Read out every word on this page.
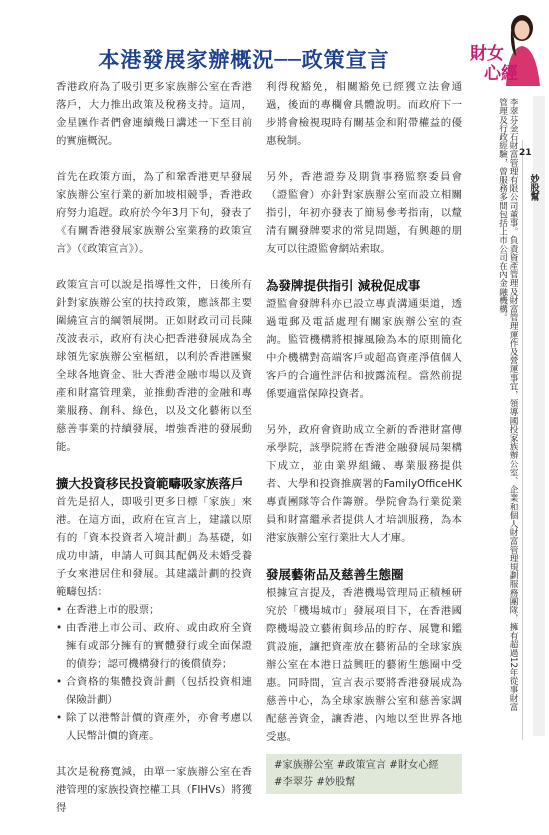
本港發展家辦概況──政策宣言

香港政府為了吸引更多家族辦公室在香港落戶，大力推出政策及稅務支持。這周，金星匯作者們會連續幾日講述一下至目前的實施概況。

首先在政策方面，為了和鞏香港更早發展家族辦公室行業的新加坡相競爭，香港政府努力追趕。政府於今年3月下旬，發表了《有關香港發展家族辦公室業務的政策宣言》（《政策宣言》）。

政策宣言可以說是指導性文件，日後所有針對家族辦公室的扶持政策，應該都主要圍繞宣言的綱領展開。正如財政司司長陳茂波表示，政府有決心把香港發展成為全球領先家族辦公室樞紐，以利於香港匯聚全球各地資金、壯大香港金融市場以及資產和財富管理業，並推動香港的金融和專業服務、創科、綠色，以及文化藝術以至慈善事業的持續發展，增強香港的發展動能。

擴大投資移民投資範疇吸家族落戶

首先是招人，即吸引更多日標「家族」來港。在這方面，政府在宣言上，建議以原有的「資本投資者入境計劃」為基礎，如成功申請，申請人可與其配偶及未婚受養子女來港居住和發展。其建議計劃的投資範疇包括：

• 在香港上市的股票；
• 由香港上市公司、政府、或由政府全資擁有或部分擁有的實體發行或全面保證的債券；認可機構發行的後償債券；
• 合資格的集體投資計劃（包括投資相連保險計劃）
• 除了以港幣計價的資產外，亦會考慮以人民幣計價的資產。

其次是稅務寬減，由單一家族辦公室在香港管理的家族投資控權工具（FIHVs）將獲得

利得稅豁免，相關豁免已經獲立法會通過，後面的專欄會具體說明。而政府下一步將會檢視現時有關基金和附帶權益的優惠稅制。

另外，香港證券及期貨事務監察委員會（證監會）亦針對家族辦公室而設立相關指引，年初亦發表了簡易參考指南，以釐清有關發牌要求的常見問題，有興趣的朋友可以往證監會網站索取。

為發牌提供指引 減稅促成事

證監會發牌科亦已設立專責溝通渠道，透過電郵及電話處理有關家族辦公室的查詢。監管機構將根據風險為本的原則簡化中介機構對高端客戶或超高資產淨值個人客戶的合適性評估和披露流程。當然前提係要適當保障投資者。

另外，政府會資助成立全新的香港財富傳承學院，該學院將在香港金融發展局架構下成立，並由業界組織、專業服務提供者、大學和投資推廣署的FamilyOfficeHK專責團隊等合作籌辦。學院會為行業從業員和財富繼承者提供人才培訓服務，為本港家族辦公室行業壯大人才庫。

發展藝術品及慈善生態圈

根據宣言提及，香港機場管理局正積極研究於「機場城市」發展項目下，在香港國際機場設立藝術與珍品的貯存、展覽和鑑賞設施，讓把資產放在藝術品的全球家族辦公室在本港日益興旺的藝術生態圈中受惠。同時間，宣言表示要將香港發展成為慈善中心，為全球家族辦公室和慈善家調配慈善資金，讓香港、內地以至世界各地受惠。

#家族辦公室 #政策宣言 #財女心經
#李翠芬 #妙股幫
財女
心經
21
妙股幫
李翠芬金石財富管理有限公司董事。負責資產管理及財富管理運作及營運事宜，領導國投家族辦公室、企業和個人財富管理規劃服務團隊，擁有超過12年從事財富管理及行政經驗，曾服務多間包括上市公司在內金融機構。
